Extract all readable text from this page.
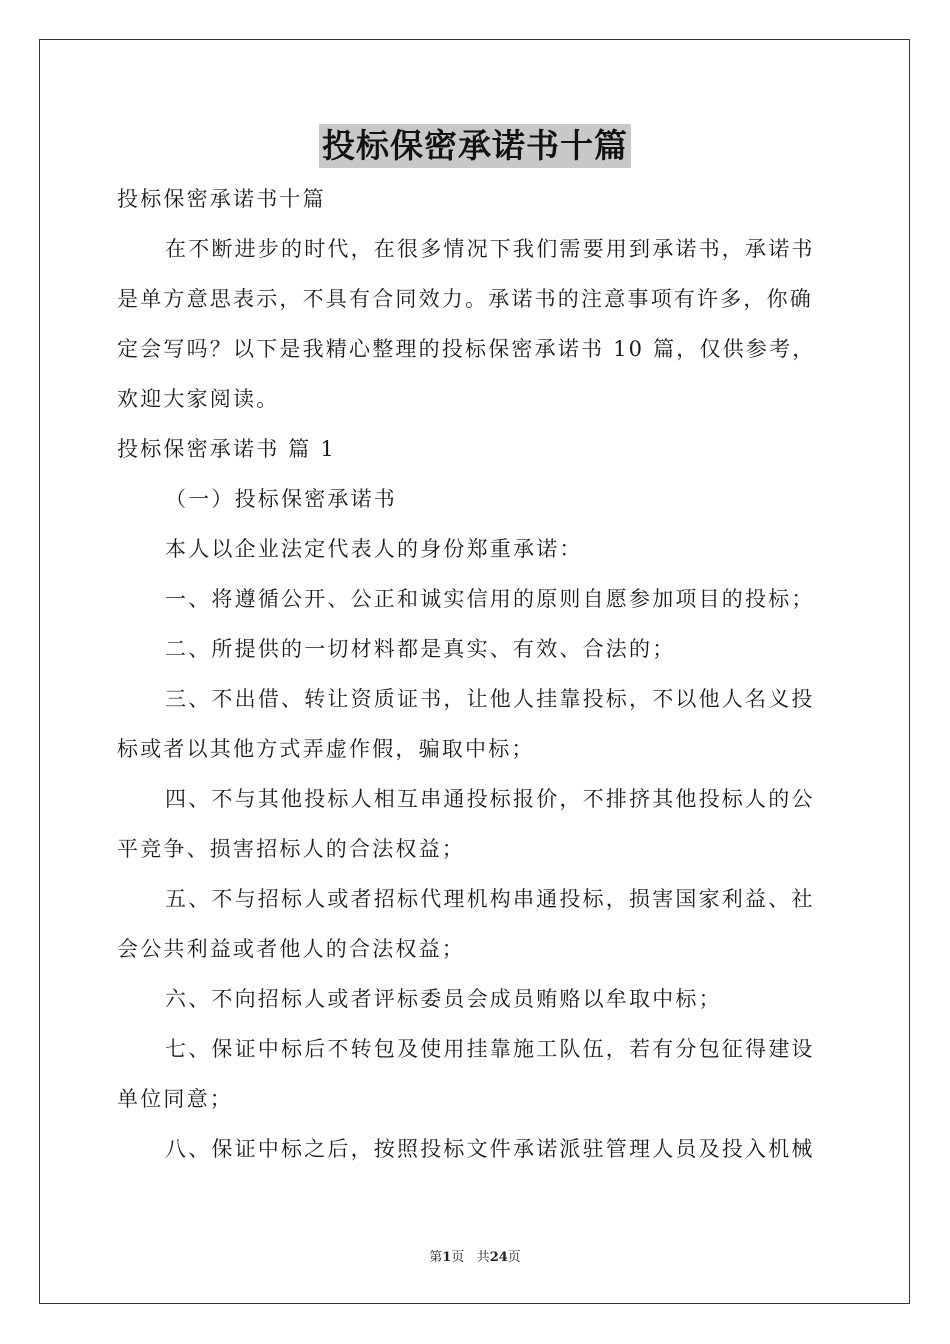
投标保密承诺书十篇
投标保密承诺书十篇
在不断进步的时代，在很多情况下我们需要用到承诺书，承诺书
是单方意思表示，不具有合同效力。承诺书的注意事项有许多，你确
定会写吗？以下是我精心整理的投标保密承诺书 10 篇，仅供参考，
欢迎大家阅读。
投标保密承诺书 篇 1
（一）投标保密承诺书
本人以企业法定代表人的身份郑重承诺：
一、将遵循公开、公正和诚实信用的原则自愿参加项目的投标；
二、所提供的一切材料都是真实、有效、合法的；
三、不出借、转让资质证书，让他人挂靠投标，不以他人名义投
标或者以其他方式弄虚作假，骗取中标；
四、不与其他投标人相互串通投标报价，不排挤其他投标人的公
平竞争、损害招标人的合法权益；
五、不与招标人或者招标代理机构串通投标，损害国家利益、社
会公共利益或者他人的合法权益；
六、不向招标人或者评标委员会成员贿赂以牟取中标；
七、保证中标后不转包及使用挂靠施工队伍，若有分包征得建设
单位同意；
八、保证中标之后，按照投标文件承诺派驻管理人员及投入机械
第1页 共24页
